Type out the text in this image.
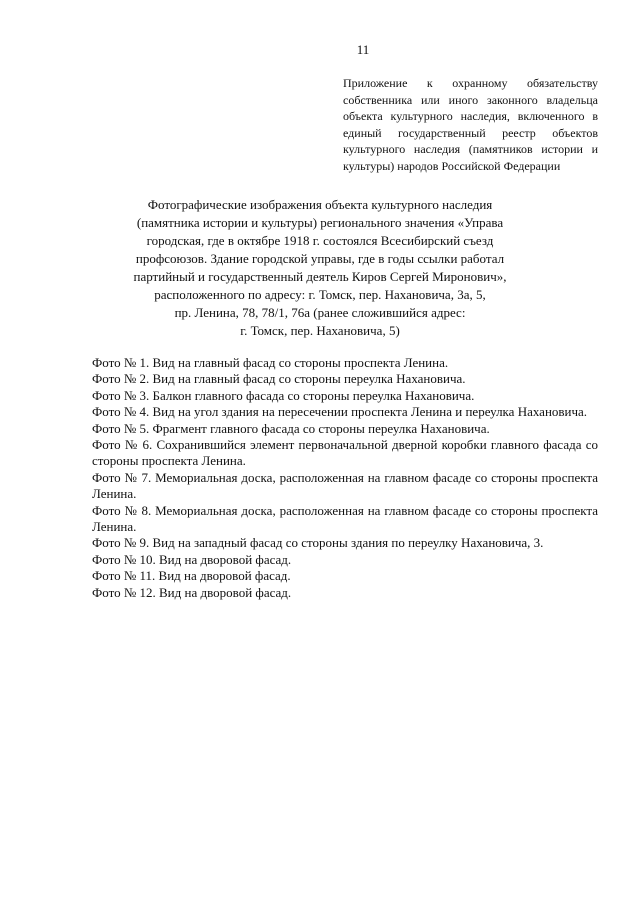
11
Приложение к охранному обязательству собственника или иного законного владельца объекта культурного наследия, включенного в единый государственный реестр объектов культурного наследия (памятников истории и культуры) народов Российской Федерации
Фотографические изображения объекта культурного наследия
(памятника истории и культуры) регионального значения «Управа
городская, где в октябре 1918 г. состоялся Всесибирский съезд
профсоюзов. Здание городской управы, где в годы ссылки работал
партийный и государственный деятель Киров Сергей Миронович»,
расположенного по адресу: г. Томск, пер. Нахановича, 3а, 5,
пр. Ленина, 78, 78/1, 76а (ранее сложившийся адрес:
г. Томск, пер. Нахановича, 5)
Фото № 1. Вид на главный фасад со стороны проспекта Ленина.
Фото № 2. Вид на главный фасад со стороны переулка Нахановича.
Фото № 3. Балкон главного фасада со стороны переулка Нахановича.
Фото № 4. Вид на угол здания на пересечении проспекта Ленина и переулка Нахановича.
Фото № 5. Фрагмент главного фасада со стороны переулка Нахановича.
Фото № 6. Сохранившийся элемент первоначальной дверной коробки главного фасада со стороны проспекта Ленина.
Фото № 7. Мемориальная доска, расположенная на главном фасаде со стороны проспекта Ленина.
Фото № 8. Мемориальная доска, расположенная на главном фасаде со стороны проспекта Ленина.
Фото № 9. Вид на западный фасад со стороны здания по переулку Нахановича, 3.
Фото № 10. Вид на дворовой фасад.
Фото № 11. Вид на дворовой фасад.
Фото № 12. Вид на дворовой фасад.
